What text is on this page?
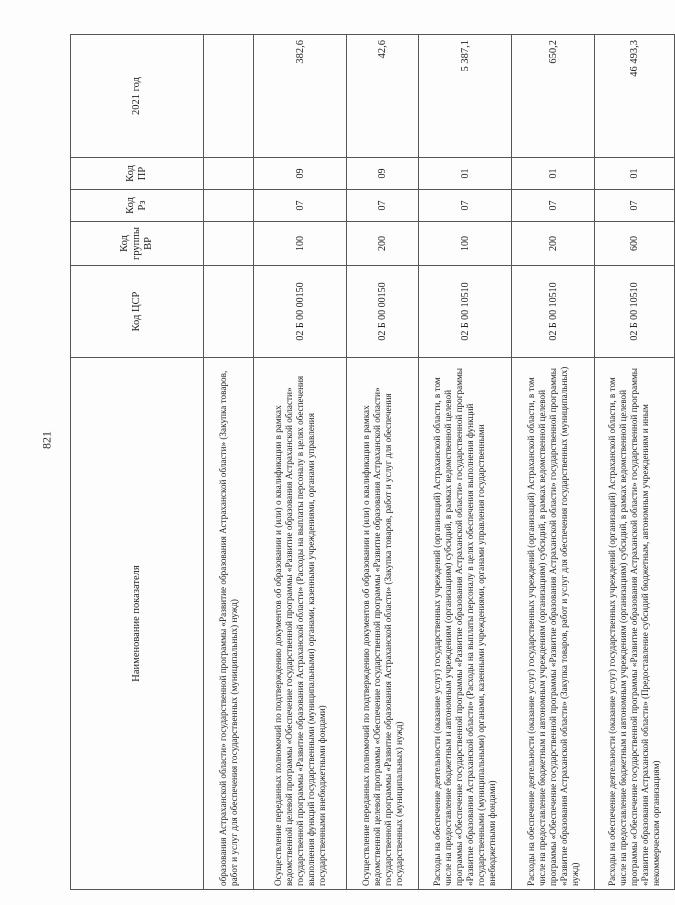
821
Наименование показателя	Код ЦСР	Код группы ВР	Код Рз	Код ПР	2021 год
образования Астраханской области» государственной программы «Развитие образования Астраханской области» (Закупка товаров, работ и услуг для обеспечения государственных (муниципальных) нужд)					
Осуществление переданных полномочий по подтверждению документов об образовании и (или) о квалификации в рамках ведомственной целевой программы «Обеспечение государственной программы «Развитие образования Астраханской области» государственной программы «Развитие образования Астраханской области» (Расходы на выплаты персоналу в целях обеспечения выполнения функций государственными (муниципальными) органами, казенными учреждениями, органами управления государственными внебюджетными фондами)	02 Б 00 00150	100	07	09	382,6
Осуществление переданных полномочий по подтверждению документов об образовании и (или) о квалификации в рамках ведомственной целевой программы «Обеспечение государственной программы «Развитие образования Астраханской области» государственной программы «Развитие образования Астраханской области» (Закупка товаров, работ и услуг для обеспечения государственных (муниципальных) нужд)	02 Б 00 00150	200	07	09	42,6
Расходы на обеспечение деятельности (оказание услуг) государственных учреждений (организаций) Астраханской области, в том числе на предоставление бюджетным и автономным учреждениям (организациям) субсидий, в рамках ведомственной целевой программы «Обеспечение государственной программы «Развитие образования Астраханской области» государственной программы «Развитие образования Астраханской области» (Расходы на выплаты персоналу в целях обеспечения выполнения функций государственными (муниципальными) органами, казенными учреждениями, органами управления государственными внебюджетными фондами)	02 Б 00 10510	100	07	01	5 387,1
Расходы на обеспечение деятельности (оказание услуг) государственных учреждений (организаций) Астраханской области, в том числе на предоставление бюджетным и автономным учреждениям (организациям) субсидий, в рамках ведомственной целевой программы «Обеспечение государственной программы «Развитие образования Астраханской области» государственной программы «Развитие образования Астраханской области» (Закупка товаров, работ и услуг для обеспечения государственных (муниципальных) нужд)	02 Б 00 10510	200	07	01	650,2
Расходы на обеспечение деятельности (оказание услуг) государственных учреждений (организаций) Астраханской области, в том числе на предоставление бюджетным и автономным учреждениям (организациям) субсидий, в рамках ведомственной целевой программы «Обеспечение государственной программы «Развитие образования Астраханской области» государственной программы «Развитие образования Астраханской области» (Предоставление субсидий бюджетным, автономным учреждениям и иным некоммерческим организациям)	02 Б 00 10510	600	07	01	46 493,3
